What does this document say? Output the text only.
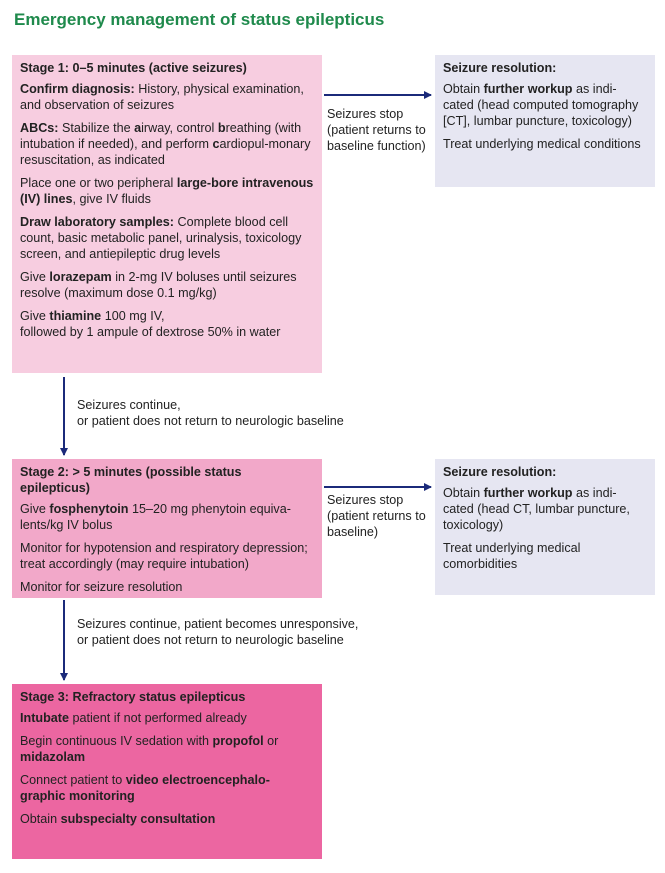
Emergency management of status epilepticus

Stage 1: 0–5 minutes (active seizures)

Confirm diagnosis: History, physical examination, and observation of seizures

ABCs: Stabilize the airway, control breathing (with intubation if needed), and perform cardiopul-monary resuscitation, as indicated

Place one or two peripheral large-bore intravenous (IV) lines, give IV fluids

Draw laboratory samples: Complete blood cell count, basic metabolic panel, urinalysis, toxicology screen, and antiepileptic drug levels

Give lorazepam in 2-mg IV boluses until seizures resolve (maximum dose 0.1 mg/kg)

Give thiamine 100 mg IV,
followed by 1 ampule of dextrose 50% in water

Seizure resolution:

Obtain further workup as indi-cated (head computed tomography [CT], lumbar puncture, toxicology)

Treat underlying medical conditions

Stage 2: > 5 minutes (possible status epilepticus)

Give fosphenytoin 15–20 mg phenytoin equiva-lents/kg IV bolus

Monitor for hypotension and respiratory depression; treat accordingly (may require intubation)

Monitor for seizure resolution

Seizure resolution:

Obtain further workup as indi-cated (head CT, lumbar puncture, toxicology)

Treat underlying medical comorbidities

Stage 3: Refractory status epilepticus

Intubate patient if not performed already

Begin continuous IV sedation with propofol or midazolam

Connect patient to video electroencephalo-graphic monitoring

Obtain subspecialty consultation

Seizures stop (patient returns to baseline function)
Seizures stop (patient returns to baseline)
Seizures continue,
or patient does not return to neurologic baseline
Seizures continue, patient becomes unresponsive,
or patient does not return to neurologic baseline
